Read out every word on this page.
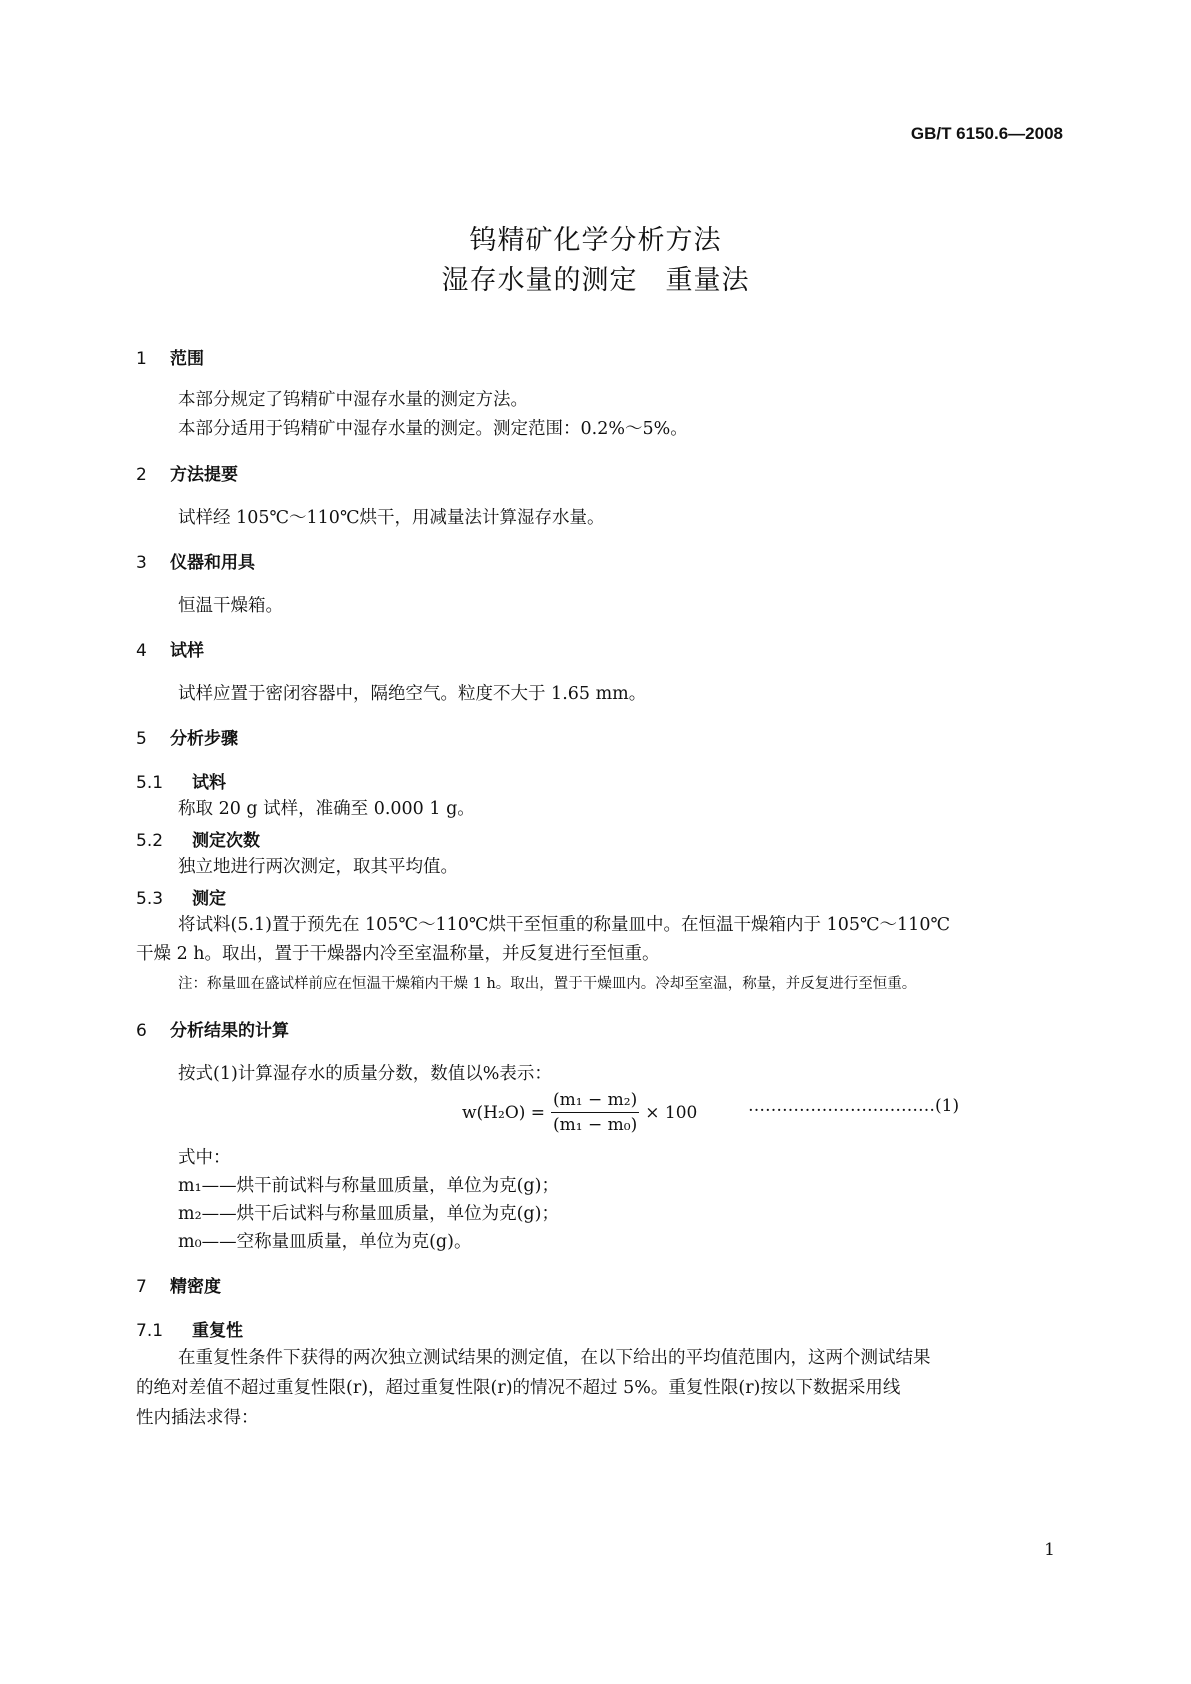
GB/T 6150.6—2008
钨精矿化学分析方法
湿存水量的测定　重量法
1 范围
本部分规定了钨精矿中湿存水量的测定方法。
本部分适用于钨精矿中湿存水量的测定。测定范围：0.2%～5%。
2 方法提要
试样经 105℃～110℃烘干，用减量法计算湿存水量。
3 仪器和用具
恒温干燥箱。
4 试样
试样应置于密闭容器中，隔绝空气。粒度不大于 1.65 mm。
5 分析步骤
5.1 试料
称取 20 g 试样，准确至 0.000 1 g。
5.2 测定次数
独立地进行两次测定，取其平均值。
5.3 测定
将试料(5.1)置于预先在 105℃～110℃烘干至恒重的称量皿中。在恒温干燥箱内于 105℃～110℃
干燥 2 h。取出，置于干燥器内冷至室温称量，并反复进行至恒重。
注：称量皿在盛试样前应在恒温干燥箱内干燥 1 h。取出，置于干燥皿内。冷却至室温，称量，并反复进行至恒重。
6 分析结果的计算
按式(1)计算湿存水的质量分数，数值以%表示：
$w(H_2O) = \frac{\text{(m₁ − m₂)}}{\text{(m₁ − m₀)}} \times 100$	……………………………(1)
式中：
m₁——烘干前试料与称量皿质量，单位为克(g)；
m₂——烘干后试料与称量皿质量，单位为克(g)；
m₀——空称量皿质量，单位为克(g)。
7 精密度
7.1 重复性
在重复性条件下获得的两次独立测试结果的测定值，在以下给出的平均值范围内，这两个测试结果
的绝对差值不超过重复性限(r)，超过重复性限(r)的情况不超过 5%。重复性限(r)按以下数据采用线
性内插法求得：
1
